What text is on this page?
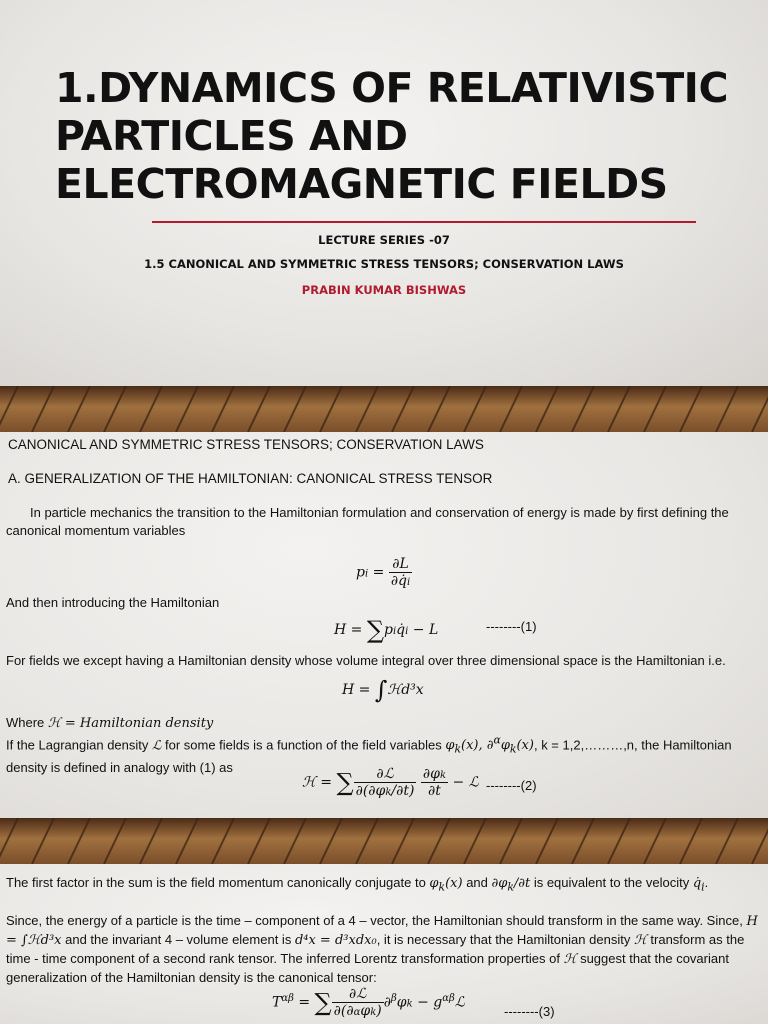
1.DYNAMICS OF RELATIVISTIC
PARTICLES AND
ELECTROMAGNETIC FIELDS
LECTURE SERIES -07
1.5 CANONICAL AND SYMMETRIC STRESS TENSORS; CONSERVATION LAWS
PRABIN KUMAR BISHWAS
CANONICAL AND SYMMETRIC STRESS TENSORS; CONSERVATION LAWS
A. GENERALIZATION OF THE HAMILTONIAN: CANONICAL STRESS TENSOR
In particle mechanics the transition to the Hamiltonian formulation and conservation of energy is made by first defining the canonical momentum variables
pi = $\frac{\partial L}{\partial q̇i}$
And then introducing the Hamiltonian
H = ∑piq̇i − L	--------(1)
For fields we except having a Hamiltonian density whose volume integral over three dimensional space is the Hamiltonian i.e.
H = ∫ℋd³x
Where ℋ = Hamiltonian density
If the Lagrangian density ℒ for some fields is a function of the field variables $\varphi_k(x)$, $\partial^\alpha\varphi_k(x)$, k = 1,2,………,n, the Hamiltonian density is defined in analogy with (1) as
ℋ = ∑ $\frac{\text{∂ℒ}}{\partial(\partial\varphi k/\partial t)}$
$\frac{\partial\varphi k}{\partial t}$ − ℒ --------(2)
The first factor in the sum is the field momentum canonically conjugate to $\varphi_k(x)$ and $\partial\varphi_k/\partial t$ is equivalent to the velocity $q̇_i$.
Since, the energy of a particle is the time – component of a 4 – vector, the Hamiltonian should transform in the same way. Since, H = ∫ℋd³x and the invariant 4 – volume element is d⁴x = d³xdx₀, it is necessary that the Hamiltonian density ℋ transform as the time - time component of a second rank tensor. The inferred Lorentz transformation properties of ℋ suggest that the covariant generalization of the Hamiltonian density is the canonical tensor:
$T^{\alpha\beta}$ = ∑ $\frac{\text{∂ℒ}}{\text{∂(∂αφk)}} \partial^\beta\varphi k$ − $g^{\alpha\beta}ℒ$
--------(3)
